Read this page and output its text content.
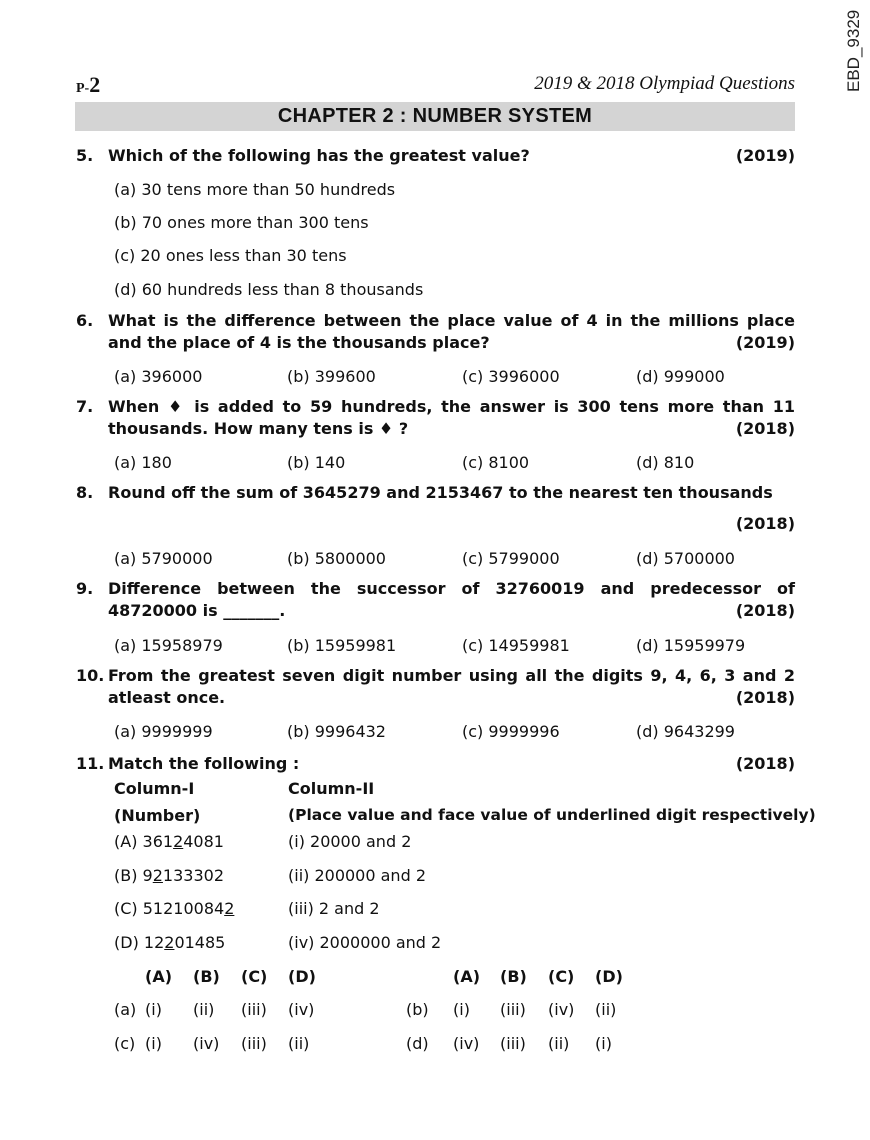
EBD_9329
P-2	2019 & 2018 Olympiad Questions
CHAPTER 2 : NUMBER SYSTEM
5. Which of the following has the greatest value?	(2019)
(a) 30 tens more than 50 hundreds
(b) 70 ones more than 300 tens
(c) 20 ones less than 30 tens
(d) 60 hundreds less than 8 thousands
6. What is the difference between the place value of 4 in the millions place and the place of 4 is the thousands place?	(2019)
(a) 396000	(b) 399600	(c) 3996000	(d) 999000
7. When ♦ is added to 59 hundreds, the answer is 300 tens more than 11 thousands. How many tens is ♦ ?	(2018)
(a) 180	(b) 140	(c) 8100	(d) 810
8. Round off the sum of 3645279 and 2153467 to the nearest ten thousands
(2018)
(a) 5790000	(b) 5800000	(c) 5799000	(d) 5700000
9. Difference between the successor of 32760019 and predecessor of 48720000 is _______.	(2018)
(a) 15958979	(b) 15959981	(c) 14959981	(d) 15959979
10. From the greatest seven digit number using all the digits 9, 4, 6, 3 and 2 atleast once.	(2018)
(a) 9999999	(b) 9996432	(c) 9999996	(d) 9643299
11. Match the following :	(2018)
Column-I	Column-II
(Number)	(Place value and face value of underlined digit respectively)
(A) 36124081	(i) 20000 and 2
(B) 92133302	(ii) 200000 and 2
(C) 512100842	(iii) 2 and 2
(D) 12201485	(iv) 2000000 and 2
(A) (B) (C) (D)	(A) (B) (C) (D)
(a) (i) (ii) (iii) (iv)	(b) (i) (iii) (iv) (ii)
(c) (i) (iv) (iii) (ii)	(d) (iv) (iii) (ii) (i)
